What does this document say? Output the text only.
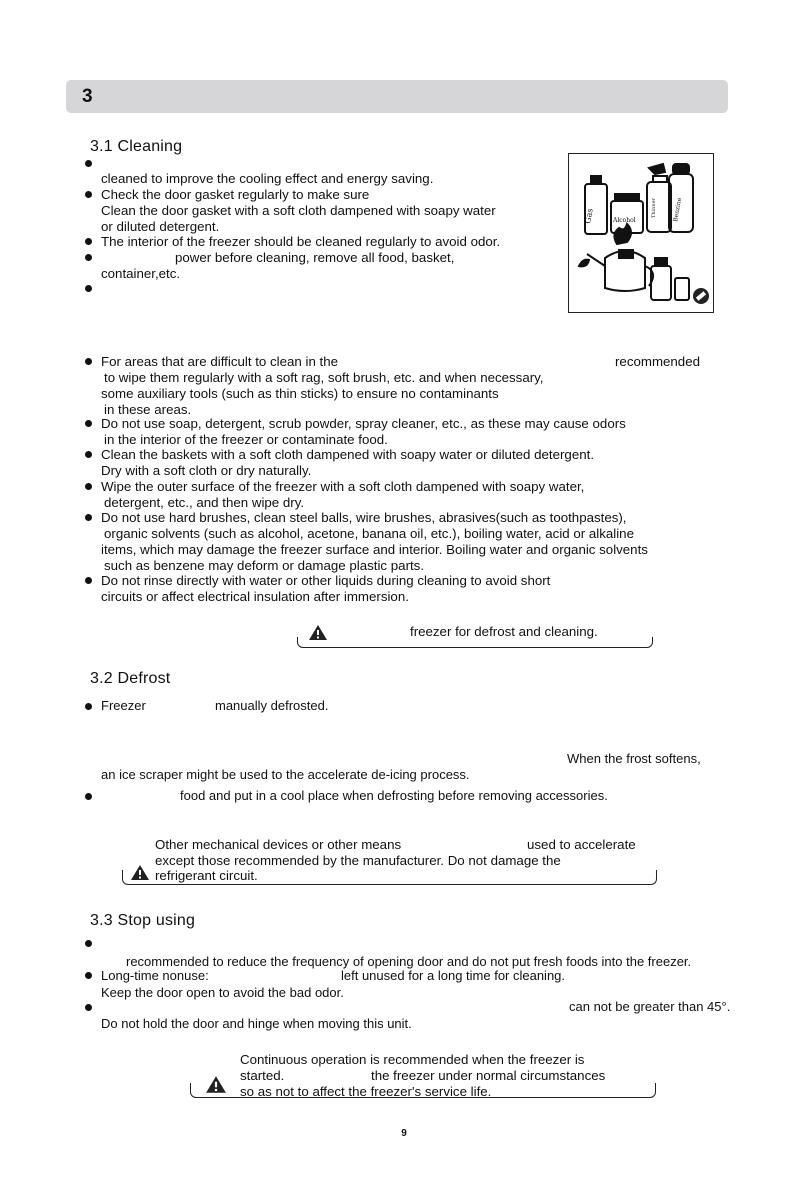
3
3.1 Cleaning
cleaned to improve the cooling effect and energy saving.
Check the door gasket regularly to make sure
Clean the door gasket with a soft cloth dampened with soapy water
or diluted detergent.
The interior of the freezer should be cleaned regularly to avoid odor.
power before cleaning, remove all food, basket,
container,etc.
Gas	Alcohol
Thinner	Benzine
For areas that are difficult to clean in the	recommended
to wipe them regularly with a soft rag, soft brush, etc. and when necessary,
some auxiliary tools (such as thin sticks) to ensure no contaminants
in these areas.
Do not use soap, detergent, scrub powder, spray cleaner, etc., as these may cause odors
in the interior of the freezer or contaminate food.
Clean the baskets with a soft cloth dampened with soapy water or diluted detergent.
Dry with a soft cloth or dry naturally.
Wipe the outer surface of the freezer with a soft cloth dampened with soapy water,
detergent, etc., and then wipe dry.
Do not use hard brushes, clean steel balls, wire brushes, abrasives(such as toothpastes),
organic solvents (such as alcohol, acetone, banana oil, etc.), boiling water, acid or alkaline
items, which may damage the freezer surface and interior. Boiling water and organic solvents
such as benzene may deform or damage plastic parts.
Do not rinse directly with water or other liquids during cleaning to avoid short
circuits or affect electrical insulation after immersion.
freezer for defrost and cleaning.
3.2 Defrost
Freezer	manually defrosted.
When the frost softens,
an ice scraper might be used to the accelerate de-icing process.
food and put in a cool place when defrosting before removing accessories.
Other mechanical devices or other means	used to accelerate
except those recommended by the manufacturer. Do not damage the
refrigerant circuit.
3.3 Stop using
recommended to reduce the frequency of opening door and do not put fresh foods into the freezer.
Long-time nonuse:	left unused for a long time for cleaning.
Keep the door open to avoid the bad odor.
can not be greater than 45°.
Do not hold the door and hinge when moving this unit.
Continuous operation is recommended when the freezer is
started.	the freezer under normal circumstances
so as not to affect the freezer's service life.
9
